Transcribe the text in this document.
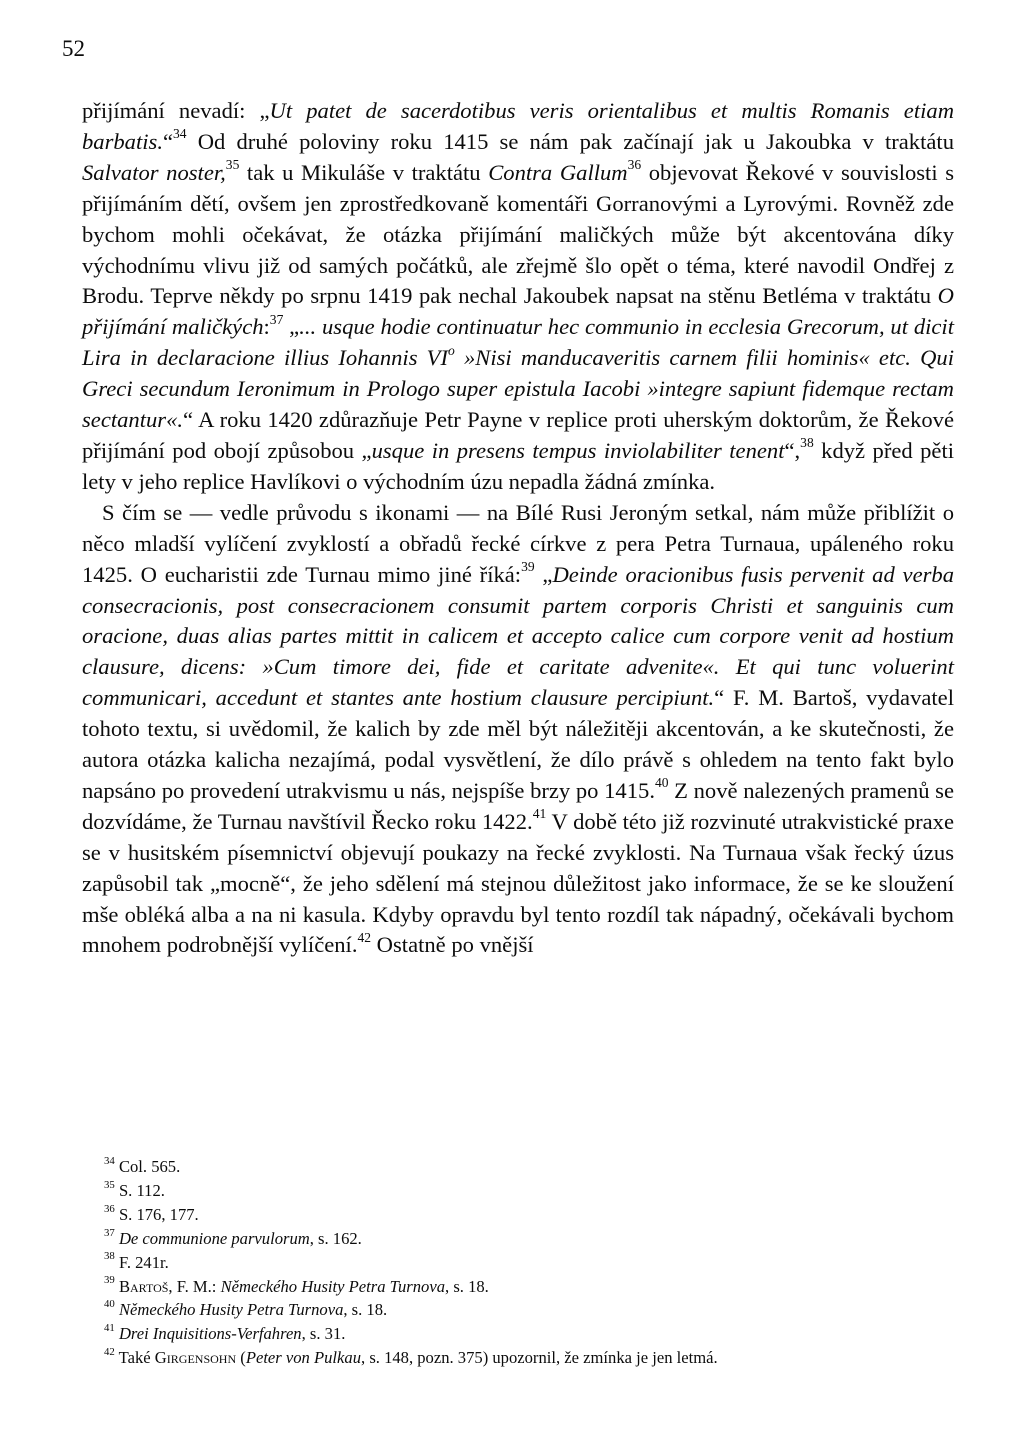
52

přijímání nevadí: „Ut patet de sacerdotibus veris orientalibus et multis Romanis etiam barbatis.“$^{34}$ Od druhé poloviny roku 1415 se nám pak začínají jak u Jakoubka v traktátu Salvator noster,$^{35}$ tak u Mikuláše v traktátu Contra Gallum$^{36}$ objevovat Řekové v souvislosti s přijímáním dětí, ovšem jen zprostředkovaně komentáři Gorranovými a Lyrovými. Rovněž zde bychom mohli očekávat, že otázka přijímání maličkých může být akcentována díky východnímu vlivu již od samých počátků, ale zřejmě šlo opět o téma, které navodil Ondřej z Brodu. Teprve někdy po srpnu 1419 pak nechal Jakoubek napsat na stěnu Betléma v traktátu O přijímání maličkých:$^{37}$ „... usque hodie continuatur hec communio in ecclesia Grecorum, ut dicit Lira in declaracione illius Iohannis $VI^o$ »Nisi manducaveritis carnem filii hominis« etc. Qui Greci secundum Ieronimum in Prologo super epistula Iacobi »integre sapiunt fidemque rectam sectantur«.“ A roku 1420 zdůrazňuje Petr Payne v replice proti uherským doktorům, že Řekové přijímání pod obojí způsobou „usque in presens tempus inviolabiliter tenent“,$^{38}$ když před pěti lety v jeho replice Havlíkovi o východním úzu nepadla žádná zmínka.

S čím se — vedle průvodu s ikonami — na Bílé Rusi Jeroným setkal, nám může přiblížit o něco mladší vylíčení zvyklostí a obřadů řecké církve z pera Petra Turnaua, upáleného roku 1425. O eucharistii zde Turnau mimo jiné říká:$^{39}$ „Deinde oracionibus fusis pervenit ad verba consecracionis, post consecracionem consumit partem corporis Christi et sanguinis cum oracione, duas alias partes mittit in calicem et accepto calice cum corpore venit ad hostium clausure, dicens: »Cum timore dei, fide et caritate advenite«. Et qui tunc voluerint communicari, accedunt et stantes ante hostium clausure percipiunt.“ F. M. Bartoš, vydavatel tohoto textu, si uvědomil, že kalich by zde měl být náležitěji akcentován, a ke skutečnosti, že autora otázka kalicha nezajímá, podal vysvětlení, že dílo právě s ohledem na tento fakt bylo napsáno po provedení utrakvismu u nás, nejspíše brzy po 1415.40 Z nově nalezených pramenů se dozvídáme, že Turnau navštívil Řecko roku 1422.41 V době této již rozvinuté utrakvistické praxe se v husitském písemnictví objevují poukazy na řecké zvyklosti. Na Turnaua však řecký úzus zapůsobil tak „mocně“, že jeho sdělení má stejnou důležitost jako informace, že se ke sloužení mše obléká alba a na ni kasula. Kdyby opravdu byl tento rozdíl tak nápadný, očekávali bychom mnohem podrobnější vylíčení.$^{42}$ Ostatně po vnější

$^{34}$ Col. 565.
$^{35}$ S. 112.
$^{36}$ S. 176, 177.
$^{37}$ De communione parvulorum, s. 162.
$^{38}$ F. 241r.
$^{39}$ Bartoš, F. M.: Německého Husity Petra Turnova, s. 18.
$^{40}$ Německého Husity Petra Turnova, s. 18.
$^{41}$ Drei Inquisitions-Verfahren, s. 31.
$^{42}$ Také Girgensohn (Peter von Pulkau, s. 148, pozn. 375) upozornil, že zmínka je jen letmá.
